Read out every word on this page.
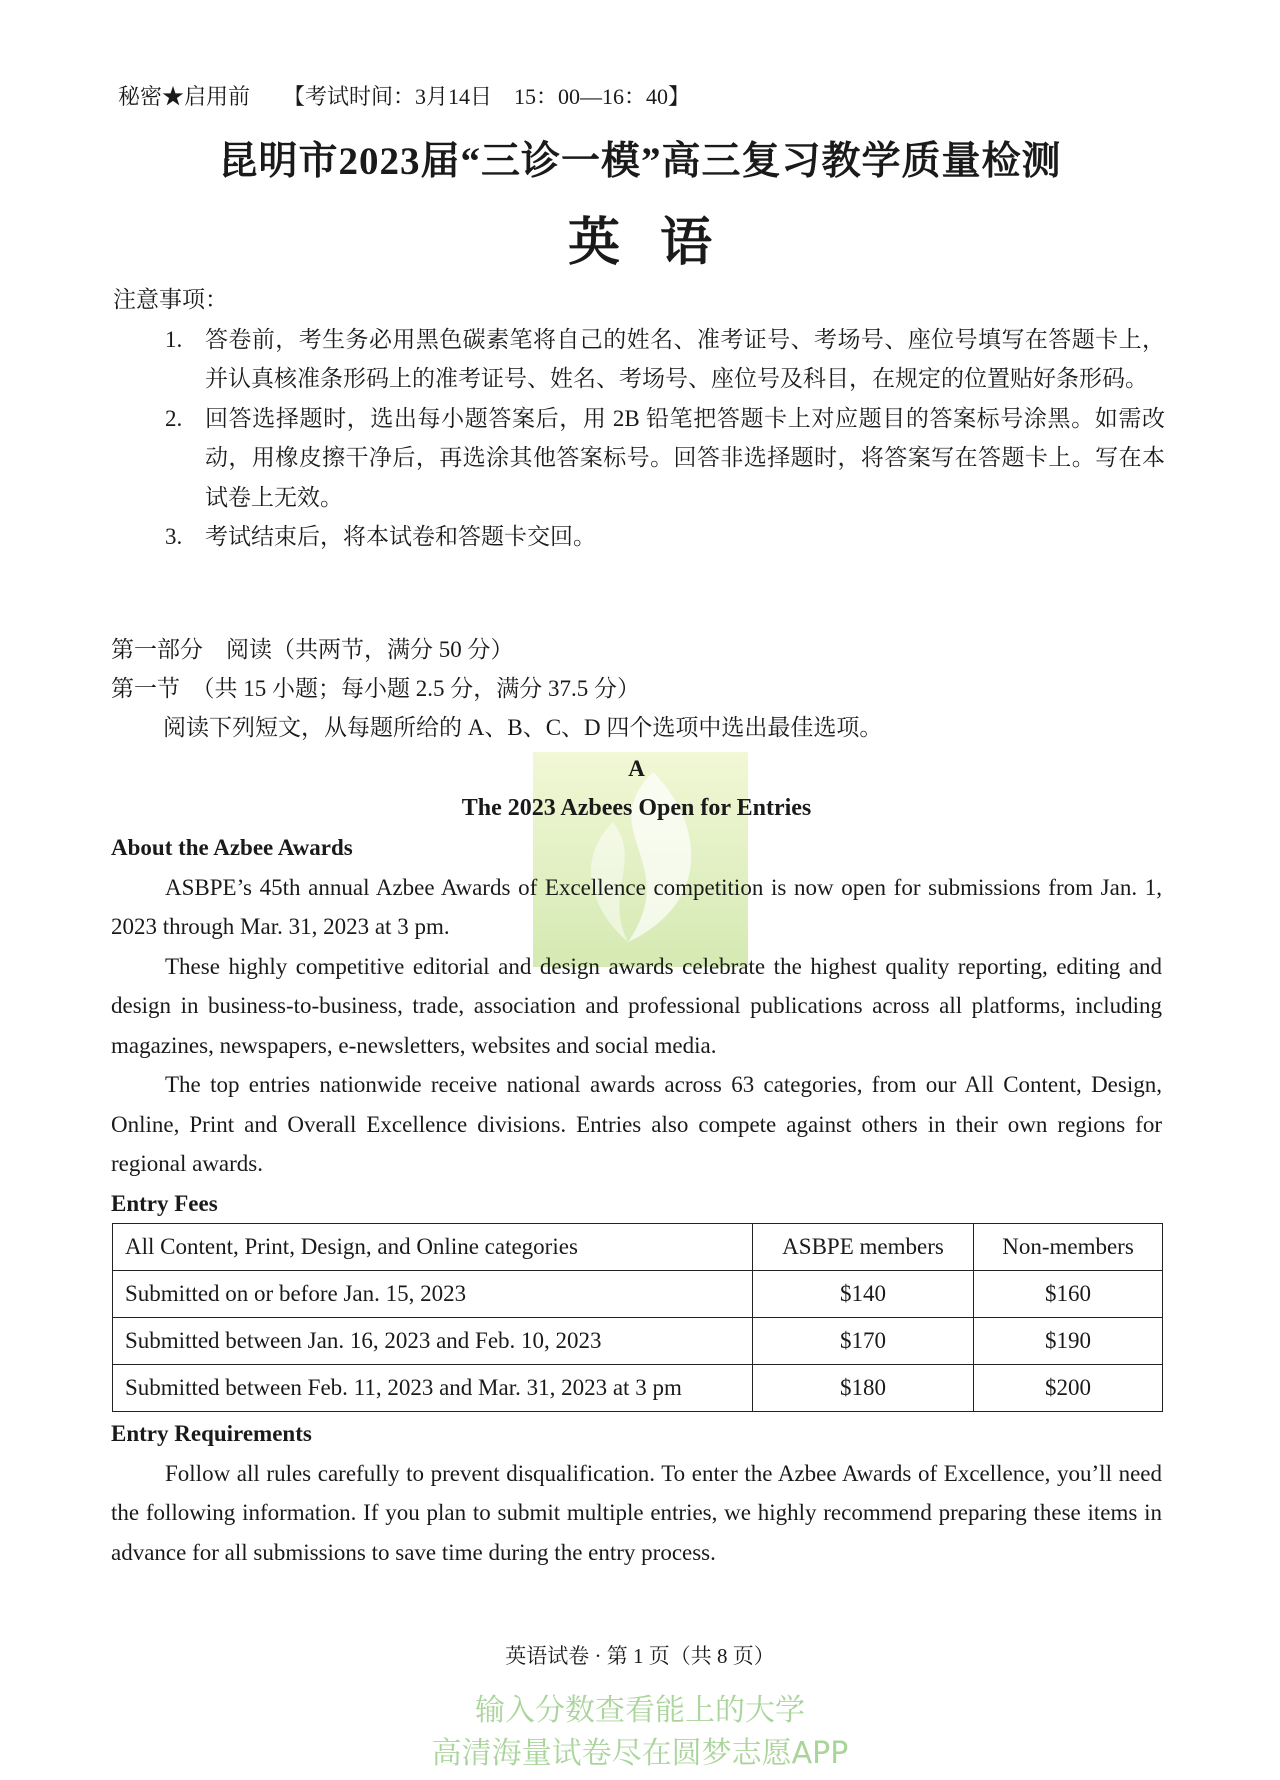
秘密★启用前 【考试时间：3月14日　15：00—16：40】
昆明市2023届“三诊一模”高三复习教学质量检测
英语
注意事项：
1. 答卷前，考生务必用黑色碳素笔将自己的姓名、准考证号、考场号、座位号填写在答题卡上，并认真核准条形码上的准考证号、姓名、考场号、座位号及科目，在规定的位置贴好条形码。
2. 回答选择题时，选出每小题答案后，用 2B 铅笔把答题卡上对应题目的答案标号涂黑。如需改动，用橡皮擦干净后，再选涂其他答案标号。回答非选择题时，将答案写在答题卡上。写在本试卷上无效。
3. 考试结束后，将本试卷和答题卡交回。
第一部分　阅读（共两节，满分 50 分）
第一节　（共 15 小题；每小题 2.5 分，满分 37.5 分）
阅读下列短文，从每题所给的 A、B、C、D 四个选项中选出最佳选项。
A
The 2023 Azbees Open for Entries
About the Azbee Awards
ASBPE’s 45th annual Azbee Awards of Excellence competition is now open for submissions from Jan. 1, 2023 through Mar. 31, 2023 at 3 pm.
These highly competitive editorial and design awards celebrate the highest quality reporting, editing and design in business-to-business, trade, association and professional publications across all platforms, including magazines, newspapers, e-newsletters, websites and social media.
The top entries nationwide receive national awards across 63 categories, from our All Content, Design, Online, Print and Overall Excellence divisions. Entries also compete against others in their own regions for regional awards.
Entry Fees
All Content, Print, Design, and Online categories	ASBPE members	Non-members
Submitted on or before Jan. 15, 2023	$140	$160
Submitted between Jan. 16, 2023 and Feb. 10, 2023	$170	$190
Submitted between Feb. 11, 2023 and Mar. 31, 2023 at 3 pm	$180	$200
Entry Requirements
Follow all rules carefully to prevent disqualification. To enter the Azbee Awards of Excellence, you’ll need the following information. If you plan to submit multiple entries, we highly recommend preparing these items in advance for all submissions to save time during the entry process.
英语试卷 · 第 1 页（共 8 页）
输入分数查看能上的大学
高清海量试卷尽在圆梦志愿APP
